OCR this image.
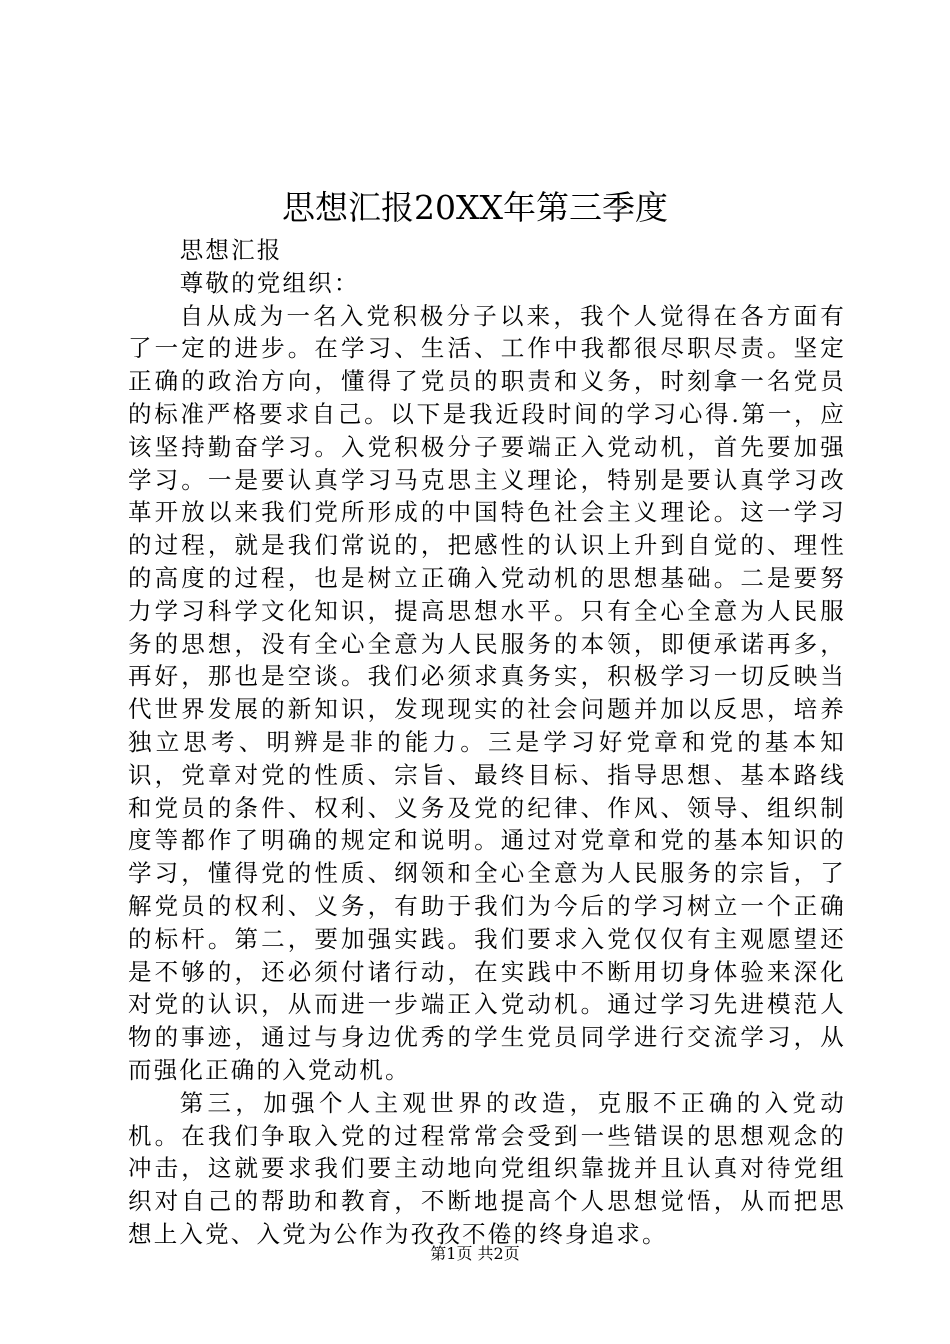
思想汇报20XX年第三季度

思想汇报

尊敬的党组织：

自从成为一名入党积极分子以来，我个人觉得在各方面有了一定的进步。在学习、生活、工作中我都很尽职尽责。坚定正确的政治方向，懂得了党员的职责和义务，时刻拿一名党员的标准严格要求自己。以下是我近段时间的学习心得.第一，应该坚持勤奋学习。入党积极分子要端正入党动机，首先要加强学习。一是要认真学习马克思主义理论，特别是要认真学习改革开放以来我们党所形成的中国特色社会主义理论。这一学习的过程，就是我们常说的，把感性的认识上升到自觉的、理性的高度的过程，也是树立正确入党动机的思想基础。二是要努力学习科学文化知识，提高思想水平。只有全心全意为人民服务的思想，没有全心全意为人民服务的本领，即便承诺再多，再好，那也是空谈。我们必须求真务实，积极学习一切反映当代世界发展的新知识，发现现实的社会问题并加以反思，培养独立思考、明辨是非的能力。三是学习好党章和党的基本知识，党章对党的性质、宗旨、最终目标、指导思想、基本路线和党员的条件、权利、义务及党的纪律、作风、领导、组织制度等都作了明确的规定和说明。通过对党章和党的基本知识的学习，懂得党的性质、纲领和全心全意为人民服务的宗旨，了解党员的权利、义务，有助于我们为今后的学习树立一个正确的标杆。第二，要加强实践。我们要求入党仅仅有主观愿望还是不够的，还必须付诸行动，在实践中不断用切身体验来深化对党的认识，从而进一步端正入党动机。通过学习先进模范人物的事迹，通过与身边优秀的学生党员同学进行交流学习，从而强化正确的入党动机。

第三，加强个人主观世界的改造，克服不正确的入党动机。在我们争取入党的过程常常会受到一些错误的思想观念的冲击，这就要求我们要主动地向党组织靠拢并且认真对待党组织对自己的帮助和教育，不断地提高个人思想觉悟，从而把思想上入党、入党为公作为孜孜不倦的终身追求。

第1页 共2页
